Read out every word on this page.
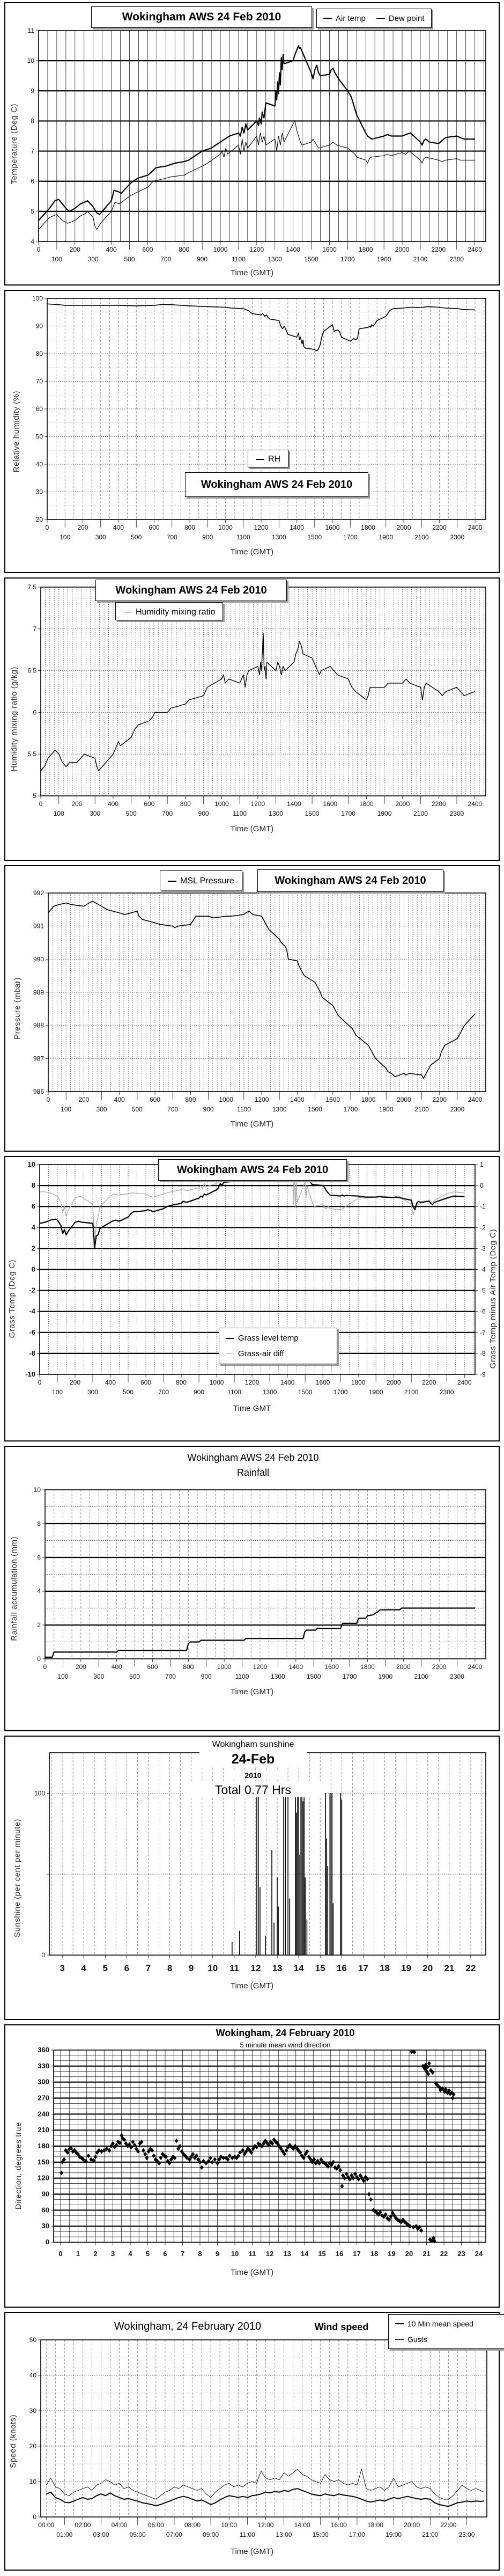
4
5
6
7
8
9
10
11
0
100
200
300
400
500
600
700
800
900
1000
1100
1200
1300
1400
1500
1600
1700
1800
1900
2000
2100
2200
2300
2400
Wokingham AWS 24 Feb 2010	Air temp	Dew point
Temperature (Deg C)
Time (GMT)
20
30
40
50
60
70
80
90
100
0
100
200
300
400
500
600
700
800
900
1000
1100
1200
1300
1400
1500
1600
1700
1800
1900
2000
2100
2200
2300
2400
RH
Wokingham AWS 24 Feb 2010
Relative humidity (%)
Time (GMT)
5
5.5
6
6.5
7
7.5
0
100
200
300
400
500
600
700
800
900
1000
1100
1200
1300
1400
1500
1600
1700
1800
1900
2000
2100
2200
2300
2400
Wokingham AWS 24 Feb 2010
Humidity mixing ratio
Humidity mixing ratio (g/kg)
Time (GMT)
986
987
988
989
990
991
992
0
100
200
300
400
500
600
700
800
900
1000
1100
1200
1300
1400
1500
1600
1700
1800
1900
2000
2100
2200
2300
2400
MSL Pressure	Wokingham AWS 24 Feb 2010
Pressure (mbar)
Time (GMT)
10
8
6
4
2
0
-2
-4
-6
-8
-10
1
0
-1
-2
-3
-4
-5
-6
-7
-8
-9
0
100
200
300
400
500
600
700
800
900
1000
1100
1200
1300
1400
1500
1600
1700
1800
1900
2000
2100
2200
2300
2400
Wokingham AWS 24 Feb 2010
Grass level temp
Grass-air diff
Grass Temp (Deg C)	Grass Temp minus Air Temp (Deg C)
Time GMT
0
2
4
6
8
10
0
100
200
300
400
500
600
700
800
900
1000
1100
1200
1300
1400
1500
1600
1700
1800
1900
2000
2100
2200
2300
2400
Wokingham AWS 24 Feb 2010
Rainfall
Rainfall accumulation (mm)
Time (GMT)
100
0
3 4 5 6 7 8 9 10 11 12 13 14 15 16 17 18 19 20 21 22
Wokingham sunshine
24-Feb
2010
Total 0.77 Hrs
Sunshine (per cent per minute)
Time (GMT)
360
330
300
270
240
210
180
150
120
90
60
30
0
0 1 2 3 4 5 6 7 8 9 10 11 12 13 14 15 16 17 18 19 20 21 22 23 24
Wokingham, 24 February 2010
5 minute mean wind direction
Direction, degrees true
Time (GMT)
0
10
20
30
40
50
00:00
01:00
02:00
03:00
04:00
05:00
06:00
07:00
08:00
09:00
10:00
11:00
12:00
13:00
14:00
15:00
16:00
17:00
18:00
19:00
20:00
21:00
22:00
23:00
Wokingham, 24 February 2010	Wind speed	10 Min mean speed
Gusts
Speed (knots)
Time (GMT)
